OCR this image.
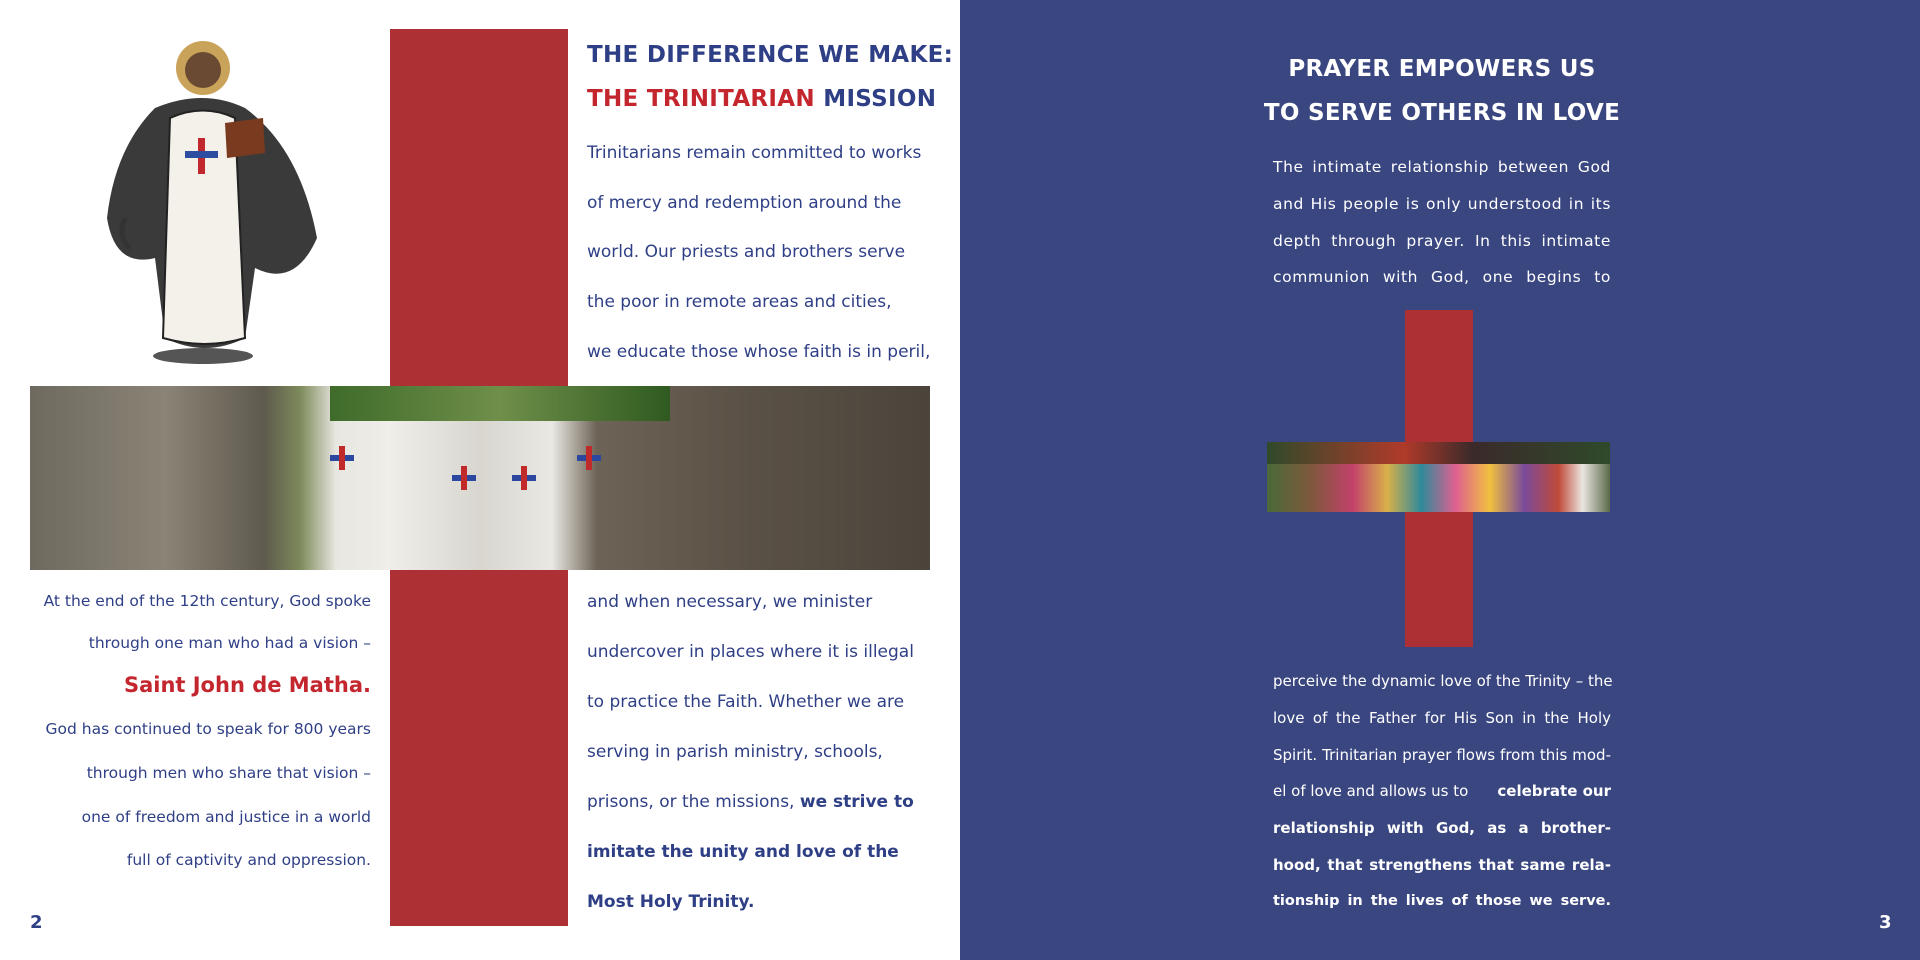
THE DIFFERENCE WE MAKE:
THE TRINITARIAN MISSION
Trinitarians remain committed to works
of mercy and redemption around the
world. Our priests and brothers serve
the poor in remote areas and cities,
we educate those whose faith is in peril,
At the end of the 12th century, God spoke
through one man who had a vision –
Saint John de Matha.
God has continued to speak for 800 years
through men who share that vision –
one of freedom and justice in a world
full of captivity and oppression.
and when necessary, we minister
undercover in places where it is illegal
to practice the Faith. Whether we are
serving in parish ministry, schools,
prisons, or the missions, we strive to
imitate the unity and love of the
Most Holy Trinity.
2
PRAYER EMPOWERS US
TO SERVE OTHERS IN LOVE
The intimate relationship between God
and His people is only understood in its
depth through prayer. In this intimate
communion with God, one begins to
perceive the dynamic love of the Trinity – the
love of the Father for His Son in the Holy
Spirit. Trinitarian prayer flows from this mod-
el of love and allows us to celebrate our
relationship with God, as a brother-
hood, that strengthens that same rela-
tionship in the lives of those we serve.
3
